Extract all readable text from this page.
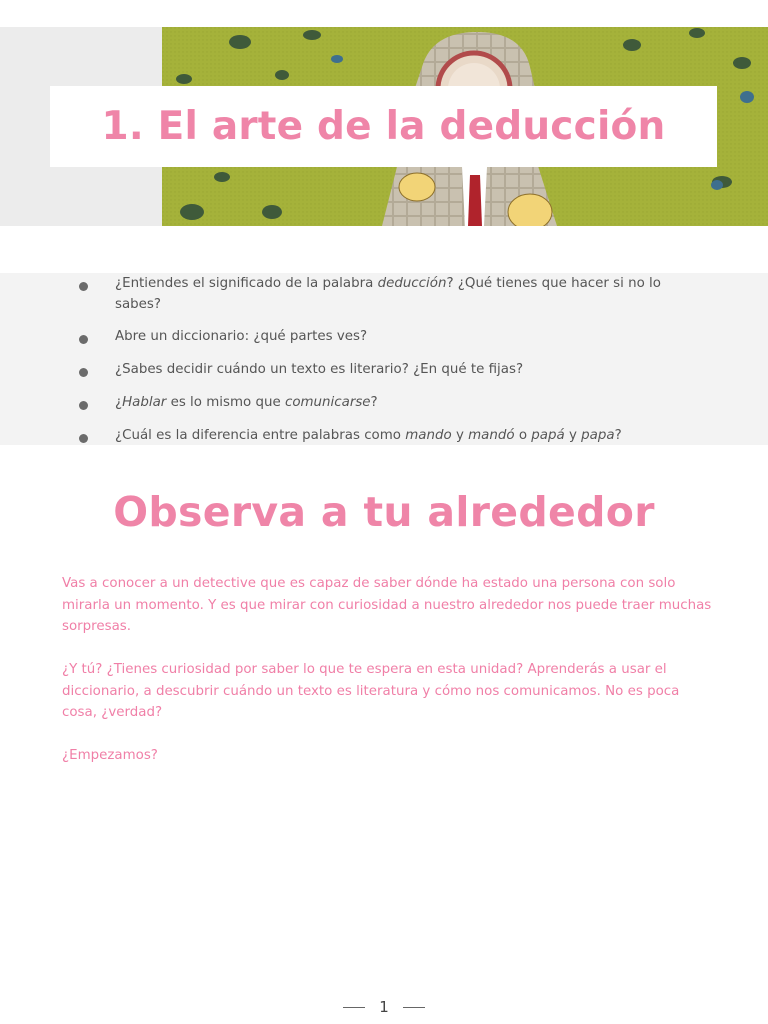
1. El arte de la deducción
¿Entiendes el significado de la palabra deducción? ¿Qué tienes que hacer si no lo sabes?
Abre un diccionario: ¿qué partes ves?
¿Sabes decidir cuándo un texto es literario? ¿En qué te fijas?
¿Hablar es lo mismo que comunicarse?
¿Cuál es la diferencia entre palabras como mando y mandó o papá y papa?
Observa a tu alrededor

Vas a conocer a un detective que es capaz de saber dónde ha estado una persona con solo mirarla un momento. Y es que mirar con curiosidad a nuestro alrededor nos puede traer muchas sorpresas.

¿Y tú? ¿Tienes curiosidad por saber lo que te espera en esta unidad? Aprenderás a usar el diccionario, a descubrir cuándo un texto es literatura y cómo nos comunicamos. No es poca cosa, ¿verdad?

¿Empezamos?

1
